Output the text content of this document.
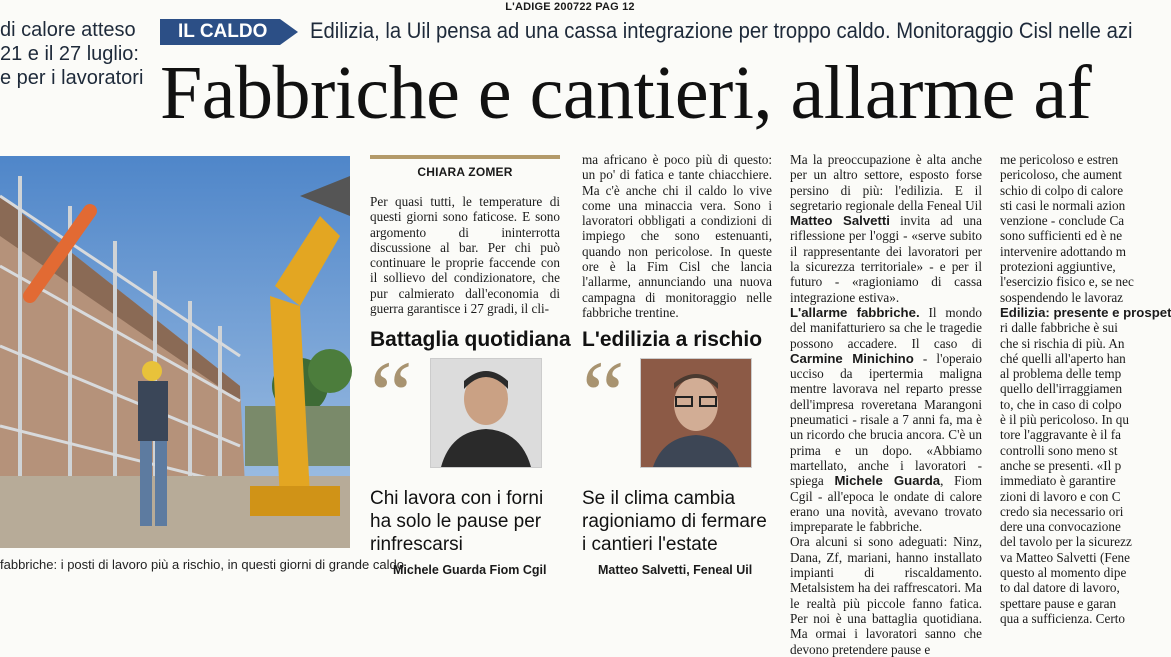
L'ADIGE 200722 PAG 12
di calore atteso
21 e il 27 luglio:
e per i lavoratori
IL CALDO	Edilizia, la Uil pensa ad una cassa integrazione per troppo caldo. Monitoraggio Cisl nelle azi
Fabbriche e cantieri, allarme af
fabbriche: i posti di lavoro più a rischio, in questi giorni di grande caldo
CHIARA ZOMER

Per quasi tutti, le temperature di questi giorni sono faticose. E sono argomento di ininterrotta discussione al bar. Per chi può continuare le proprie faccende con il sollievo del condizionatore, che pur calmierato dall'economia di guerra garantisce i 27 gradi, il cli-

ma africano è poco più di questo: un po' di fatica e tante chiacchiere. Ma c'è anche chi il caldo lo vive come una minaccia vera. Sono i lavoratori obbligati a condizioni di impiego che sono estenuanti, quando non pericolose. In queste ore è la Fim Cisl che lancia l'allarme, annunciando una nuova campagna di monitoraggio nelle fabbriche trentine.

Ma la preoccupazione è alta anche per un altro settore, esposto forse persino di più: l'edilizia. E il segretario regionale della Feneal Uil Matteo Salvetti invita ad una riflessione per l'oggi - «serve subito il rappresentante dei lavoratori per la sicurezza territoriale» - e per il futuro - «ragioniamo di cassa integrazione estiva».

L'allarme fabbriche. Il mondo del manifatturiero sa che le tragedie possono accadere. Il caso di Carmine Minichino - l'operaio ucciso da ipertermia maligna mentre lavorava nel reparto presse dell'impresa roveretana Marangoni pneumatici - risale a 7 anni fa, ma è un ricordo che brucia ancora. C'è un prima e un dopo. «Abbiamo martellato, anche i lavoratori - spiega Michele Guarda, Fiom Cgil - all'epoca le ondate di calore erano una novità, avevano trovato impreparate le fabbriche.

Ora alcuni si sono adeguati: Ninz, Dana, Zf, mariani, hanno installato impianti di riscaldamento. Metalsistem ha dei raffrescatori. Ma le realtà più piccole fanno fatica. Per noi è una battaglia quotidiana. Ma ormai i lavoratori sanno che devono pretendere pause e

me pericoloso e estren
pericoloso, che aument
schio di colpo di calore
sti casi le normali azion
venzione - conclude Ca
sono sufficienti ed è ne
intervenire adottando m
protezioni aggiuntive,
l'esercizio fisico e, se nec
sospendendo le lavoraz
Edilizia: presente e prospet
ri dalle fabbriche è sui
che si rischia di più. An
ché quelli all'aperto han
al problema delle temp
quello dell'irraggiamen
to, che in caso di colpo
è il più pericoloso. In qu
tore l'aggravante è il fa
controlli sono meno st
anche se presenti. «Il p
immediato è garantire
zioni di lavoro e con C
credo sia necessario ori
dere una convocazione
del tavolo per la sicurezz
va Matteo Salvetti (Fene
questo al momento dipe
to dal datore di lavoro,
spettare pause e garan
qua a sufficienza. Certo
Battaglia quotidiana
“
Chi lavora con i forni ha solo le pause per rinfrescarsi
Michele Guarda Fiom Cgil
L'edilizia a rischio
“
Se il clima cambia ragioniamo di fermare i cantieri l'estate
Matteo Salvetti, Feneal Uil
